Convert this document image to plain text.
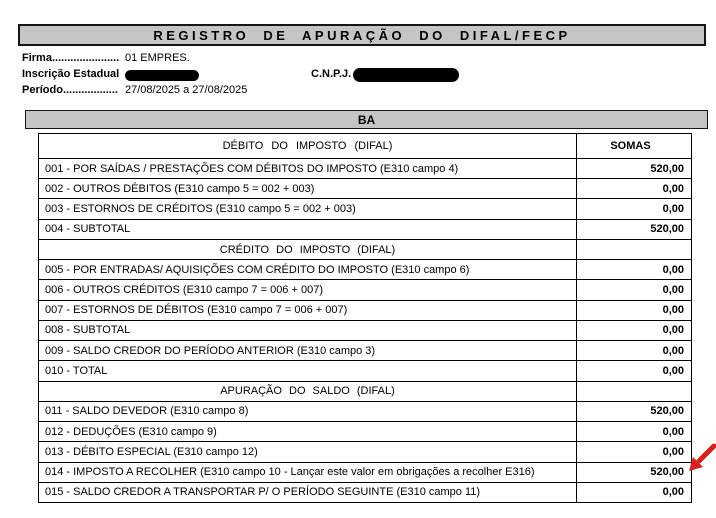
REGISTRO DE APURAÇÃO DO DIFAL/FECP
Firma...................... 01 EMPRES.
Inscrição Estadual	C.N.P.J.
Período.................. 27/08/2025 a 27/08/2025
BA
DÉBITO DO IMPOSTO (DIFAL)	SOMAS
001 - POR SAÍDAS / PRESTAÇÕES COM DÉBITOS DO IMPOSTO (E310 campo 4)	520,00
002 - OUTROS DÉBITOS (E310 campo 5 = 002 + 003)	0,00
003 - ESTORNOS DE CRÉDITOS (E310 campo 5 = 002 + 003)	0,00
004 - SUBTOTAL	520,00
CRÉDITO DO IMPOSTO (DIFAL)
005 - POR ENTRADAS/ AQUISIÇÕES COM CRÉDITO DO IMPOSTO (E310 campo 6)	0,00
006 - OUTROS CRÉDITOS (E310 campo 7 = 006 + 007)	0,00
007 - ESTORNOS DE DÉBITOS (E310 campo 7 = 006 + 007)	0,00
008 - SUBTOTAL	0,00
009 - SALDO CREDOR DO PERÍODO ANTERIOR (E310 campo 3)	0,00
010 - TOTAL	0,00
APURAÇÃO DO SALDO (DIFAL)
011 - SALDO DEVEDOR (E310 campo 8)	520,00
012 - DEDUÇÕES (E310 campo 9)	0,00
013 - DÉBITO ESPECIAL (E310 campo 12)	0,00
014 - IMPOSTO A RECOLHER (E310 campo 10 - Lançar este valor em obrigações a recolher E316)	520,00
015 - SALDO CREDOR A TRANSPORTAR P/ O PERÍODO SEGUINTE (E310 campo 11)	0,00
